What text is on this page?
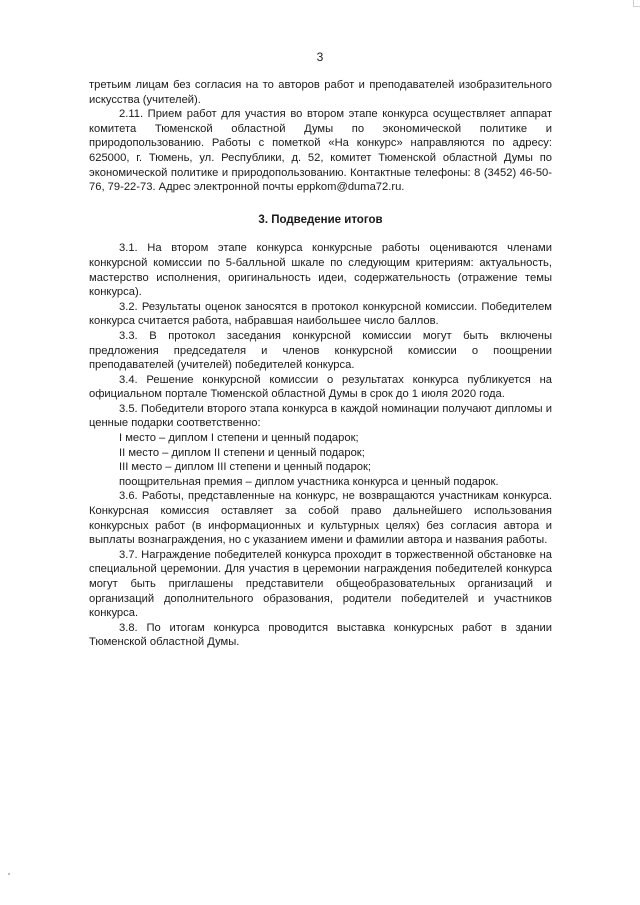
3

третьим лицам без согласия на то авторов работ и преподавателей изобразительного искусства (учителей).

2.11. Прием работ для участия во втором этапе конкурса осуществляет аппарат комитета Тюменской областной Думы по экономической политике и природопользованию. Работы с пометкой «На конкурс» направляются по адресу: 625000, г. Тюмень, ул. Республики, д. 52, комитет Тюменской областной Думы по экономической политике и природопользованию. Контактные телефоны: 8 (3452) 46-50-76, 79-22-73. Адрес электронной почты eppkom@duma72.ru.

3. Подведение итогов

3.1. На втором этапе конкурса конкурсные работы оцениваются членами конкурсной комиссии по 5-балльной шкале по следующим критериям: актуальность, мастерство исполнения, оригинальность идеи, содержательность (отражение темы конкурса).

3.2. Результаты оценок заносятся в протокол конкурсной комиссии. Победителем конкурса считается работа, набравшая наибольшее число баллов.

3.3. В протокол заседания конкурсной комиссии могут быть включены предложения председателя и членов конкурсной комиссии о поощрении преподавателей (учителей) победителей конкурса.

3.4. Решение конкурсной комиссии о результатах конкурса публикуется на официальном портале Тюменской областной Думы в срок до 1 июля 2020 года.

3.5. Победители второго этапа конкурса в каждой номинации получают дипломы и ценные подарки соответственно:

I место – диплом I степени и ценный подарок;

II место – диплом II степени и ценный подарок;

III место – диплом III степени и ценный подарок;

поощрительная премия – диплом участника конкурса и ценный подарок.

3.6. Работы, представленные на конкурс, не возвращаются участникам конкурса. Конкурсная комиссия оставляет за собой право дальнейшего использования конкурсных работ (в информационных и культурных целях) без согласия автора и выплаты вознаграждения, но с указанием имени и фамилии автора и названия работы.

3.7. Награждение победителей конкурса проходит в торжественной обстановке на специальной церемонии. Для участия в церемонии награждения победителей конкурса могут быть приглашены представители общеобразовательных организаций и организаций дополнительного образования, родители победителей и участников конкурса.

3.8. По итогам конкурса проводится выставка конкурсных работ в здании Тюменской областной Думы.
